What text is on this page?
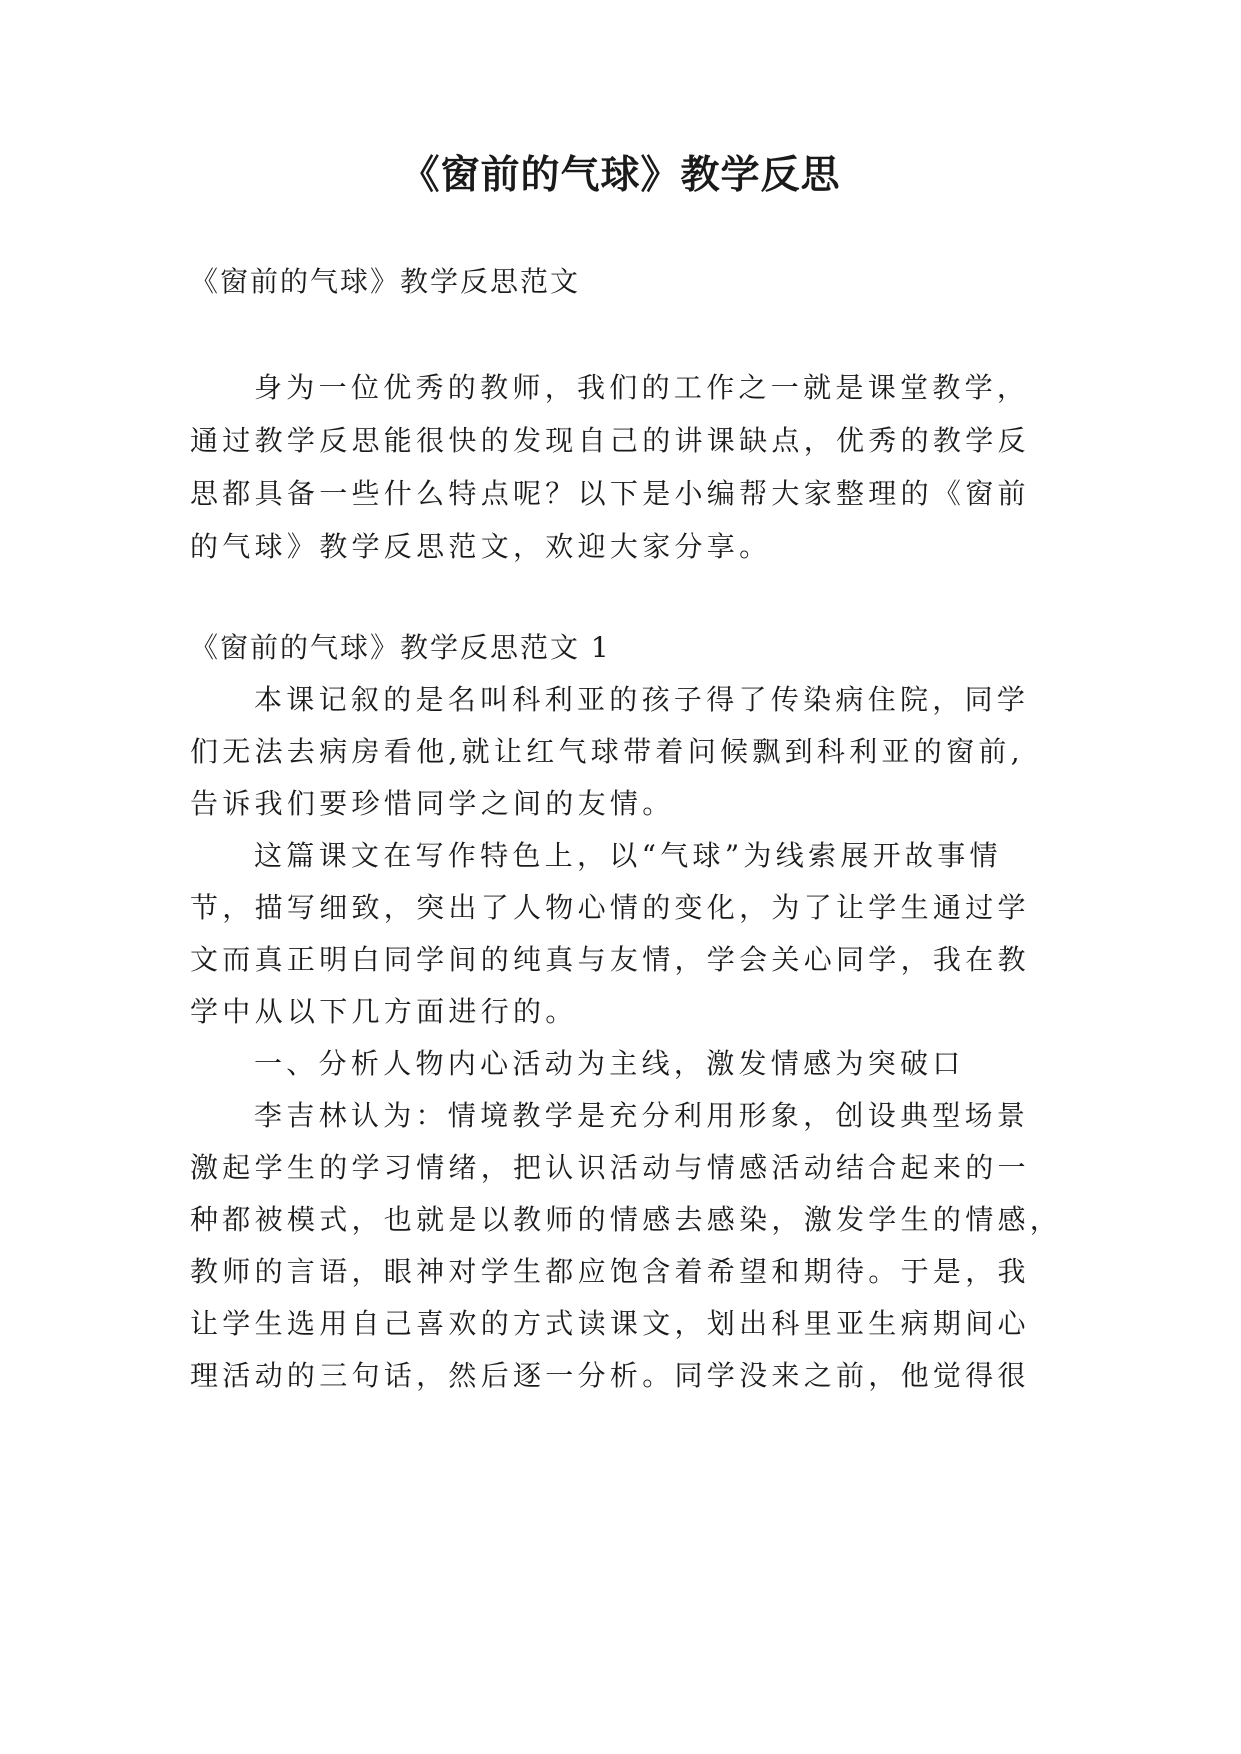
《窗前的气球》教学反思

《窗前的气球》教学反思范文

身为一位优秀的教师，我们的工作之一就是课堂教学，

通过教学反思能很快的发现自己的讲课缺点，优秀的教学反

思都具备一些什么特点呢？以下是小编帮大家整理的《窗前

的气球》教学反思范文，欢迎大家分享。

《窗前的气球》教学反思范文 1

本课记叙的是名叫科利亚的孩子得了传染病住院，同学

们无法去病房看他,就让红气球带着问候飘到科利亚的窗前,

告诉我们要珍惜同学之间的友情。

这篇课文在写作特色上，以“气球”为线索展开故事情

节，描写细致，突出了人物心情的变化，为了让学生通过学

文而真正明白同学间的纯真与友情，学会关心同学，我在教

学中从以下几方面进行的。

一、分析人物内心活动为主线，激发情感为突破口

李吉林认为：情境教学是充分利用形象，创设典型场景

激起学生的学习情绪，把认识活动与情感活动结合起来的一

种都被模式，也就是以教师的情感去感染，激发学生的情感，

教师的言语，眼神对学生都应饱含着希望和期待。于是，我

让学生选用自己喜欢的方式读课文，划出科里亚生病期间心

理活动的三句话，然后逐一分析。同学没来之前，他觉得很
